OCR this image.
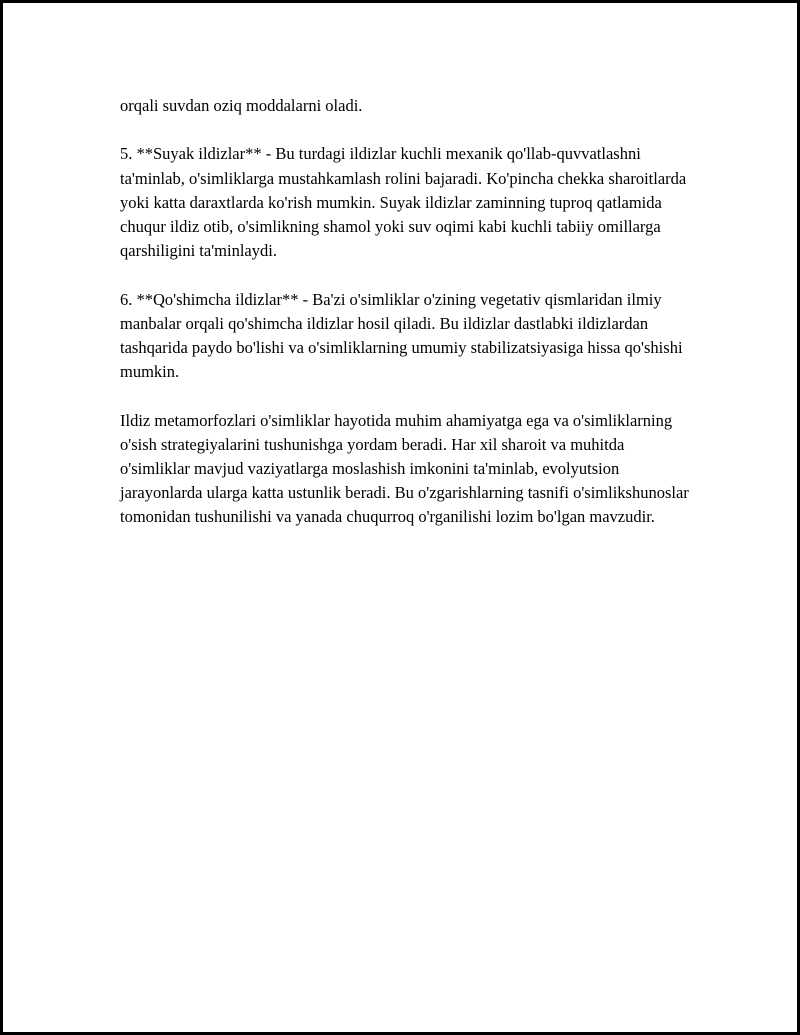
orqali suvdan oziq moddalarni oladi.

5. **Suyak ildizlar** - Bu turdagi ildizlar kuchli mexanik qo'llab-quvvatlashni ta'minlab, o'simliklarga mustahkamlash rolini bajaradi. Ko'pincha chekka sharoitlarda yoki katta daraxtlarda ko'rish mumkin. Suyak ildizlar zaminning tuproq qatlamida chuqur ildiz otib, o'simlikning shamol yoki suv oqimi kabi kuchli tabiiy omillarga qarshiligini ta'minlaydi.

6. **Qo'shimcha ildizlar** - Ba'zi o'simliklar o'zining vegetativ qismlaridan ilmiy manbalar orqali qo'shimcha ildizlar hosil qiladi. Bu ildizlar dastlabki ildizlardan tashqarida paydo bo'lishi va o'simliklarning umumiy stabilizatsiyasiga hissa qo'shishi mumkin.

Ildiz metamorfozlari o'simliklar hayotida muhim ahamiyatga ega va o'simliklarning o'sish strategiyalarini tushunishga yordam beradi. Har xil sharoit va muhitda o'simliklar mavjud vaziyatlarga moslashish imkonini ta'minlab, evolyutsion jarayonlarda ularga katta ustunlik beradi. Bu o'zgarishlarning tasnifi o'simlikshunoslar tomonidan tushunilishi va yanada chuqurroq o'rganilishi lozim bo'lgan mavzudir.
